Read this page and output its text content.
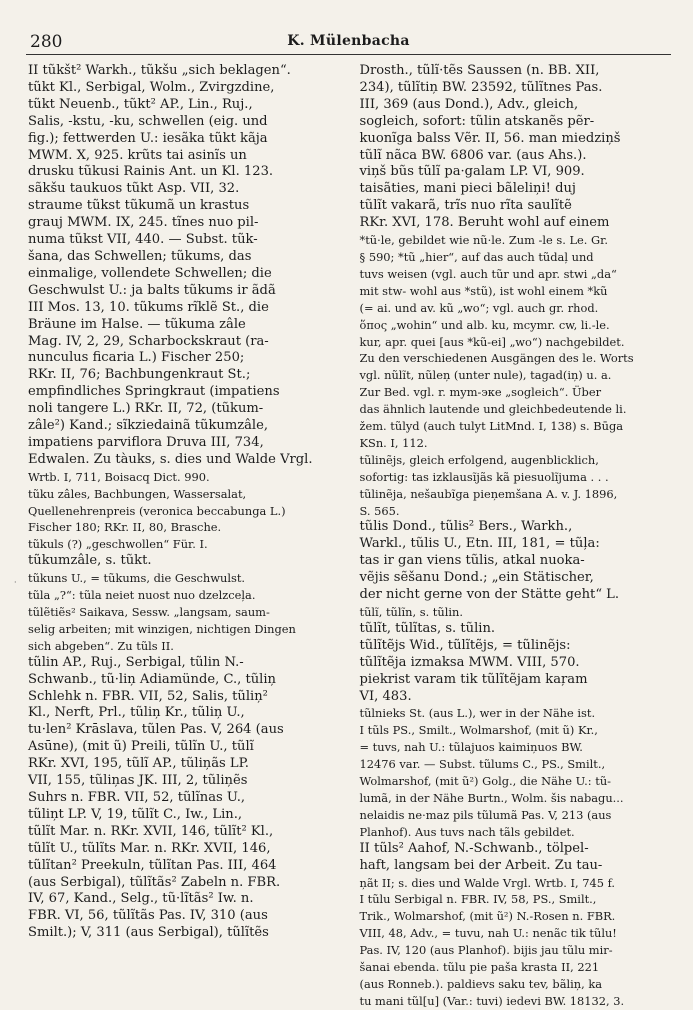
280	K. Mülenbacha
·
II tũkšt² Warkh., tũkšu „sich beklagen“.
tũkt Kl., Serbigal, Wolm., Zvirgzdine,
tũkt Neuenb., tũkt² AP., Lin., Ruj.,
Salis, -kstu, -ku, schwellen (eig. und
fig.); fettwerden U.: iesãka tũkt kãja
MWM. X, 925. krũts tai asinĩs un
drusku tũkusi Rainis Ant. un Kl. 123.
sãkšu taukuos tũkt Asp. VII, 32.
straume tũkst tũkumã un krastus
grauj MWM. IX, 245. tĩnes nuo pil-
numa tũkst VII, 440. — Subst. tũk-
šana, das Schwellen; tũkums, das
einmalige, vollendete Schwellen; die
Geschwulst U.: ja balts tũkums ir ãdã
III Mos. 13, 10. tũkums rĩklẽ St., die
Bräune im Halse. — tũkuma zâle
Mag. IV, 2, 29, Scharbockskraut (ra-
nunculus ficaria L.) Fischer 250;
RKr. II, 76; Bachbungenkraut St.;
empfindliches Springkraut (impatiens
noli tangere L.) RKr. II, 72, (tũkum-
zâle²) Kand.; sĩkziedainã tũkumzâle,
impatiens parviflora Druva III, 734,
Edwalen. Zu tàuks, s. dies und Walde Vrgl.
Wrtb. I, 711, Boisacq Dict. 990.
tũku zâles, Bachbungen, Wassersalat,
Quellenehrenpreis (veronica beccabunga L.)
Fischer 180; RKr. II, 80, Brasche.
tũkuls (?) „geschwollen“ Für. I.
tũkumzâle, s. tũkt.
tũkuns U., = tũkums, die Geschwulst.
tũla „?“: tũla neiet nuost nuo dzelzceļa.
tũlẽtiẽs² Saikava, Sessw. „langsam, saum-
selig arbeiten; mit winzigen, nichtigen Dingen
sich abgeben“. Zu tũls II.
tũlin AP., Ruj., Serbigal, tũlin N.-
Schwanb., tũ·liņ Adiamünde, C., tũliņ
Schlehk n. FBR. VII, 52, Salis, tũliņ²
Kl., Nerft, Prl., tũliņ Kr., tũliņ U.,
tu·len² Krāslava, tũlen Pas. V, 264 (aus
Asūne), (mit ũ) Preili, tũlĩn U., tũlĩ
RKr. XVI, 195, tũlĩ AP., tũliņãs LP.
VII, 155, tũliņas JK. III, 2, tũliņẽs
Suhrs n. FBR. VII, 52, tũlĩnas U.,
tũliņt LP. V, 19, tũlĩt C., Iw., Lin.,
tũlĩt Mar. n. RKr. XVII, 146, tũlĩt² Kl.,
tũlĩt U., tũlĩts Mar. n. RKr. XVII, 146,
tũlĩtan² Preekuln, tũlĩtan Pas. III, 464
(aus Serbigal), tũlĩtãs² Zabeln n. FBR.
IV, 67, Kand., Selg., tũ·lĩtãs² Iw. n.
FBR. VI, 56, tũlĩtãs Pas. IV, 310 (aus
Smilt.); V, 311 (aus Serbigal), tũlĩtẽs
Drosth., tũlĩ·tẽs Saussen (n. BB. XII,
234), tũlĩtiņ BW. 23592, tũlĩtnes Pas.
III, 369 (aus Dond.), Adv., gleich,
sogleich, sofort: tũlin atskanẽs pẽr-
kuonĩga balss Vẽr. II, 56. man miedziņš
tũlĩ nãca BW. 6806 var. (aus Ahs.).
viņš bũs tũlĩ pa·galam LP. VI, 909.
taisãties, mani pieci bãleliņi! duj
tũlĩt vakarã, trĩs nuo rĩta saulĩtẽ
RKr. XVI, 178. Beruht wohl auf einem
*tũ·le, gebildet wie nũ·le. Zum -le s. Le. Gr.
§ 590; *tũ „hier“, auf das auch tũdaļ und
tuvs weisen (vgl. auch tũr und apr. stwi „da“
mit stw- wohl aus *stũ), ist wohl einem *kũ
(= ai. und av. kũ „wo“; vgl. auch gr. rhod.
ὅπος „wohin“ und alb. ku, mcymr. cw, li.-le.
kur, apr. quei [aus *kũ-ei] „wo“) nachgebildet.
Zu den verschiedenen Ausgängen des le. Worts
vgl. nũlĩt, nũleņ (unter nule), tagad(iņ) u. a.
Zur Bed. vgl. r. mym-эке „sogleich“. Über
das ähnlich lautende und gleichbedeutende li.
žem. tũlyd (auch tulyt LitMnd. I, 138) s. Būga
KSn. I, 112.
tũlinẽjs, gleich erfolgend, augenblicklich,
sofortig: tas izklausĩjãs kã piesuolĩjuma . . .
tũlinẽja, nešaubĩga pieņemšana A. v. J. 1896,
S. 565.
tũlis Dond., tũlis² Bers., Warkh.,
Warkl., tũlis U., Etn. III, 181, = tũļa:
tas ir gan viens tũlis, atkal nuoka-
vẽjis sẽšanu Dond.; „ein Stätischer,
der nicht gerne von der Stätte geht“ L.
tũlĩ, tũlĩn, s. tũlin.
tũlĩt, tũlĩtas, s. tũlin.
tũlĩtẽjs Wid., tũlĩtẽjs, = tũlinẽjs:
tũlĩtẽja izmaksa MWM. VIII, 570.
piekrist varam tik tũlĩtẽjam kaŗam
VI, 483.
tũlnieks St. (aus L.), wer in der Nähe ist.
I tũls PS., Smilt., Wolmarshof, (mit ũ) Kr.,
= tuvs, nah U.: tũlajuos kaimiņuos BW.
12476 var. — Subst. tũlums C., PS., Smilt.,
Wolmarshof, (mit ũ²) Golg., die Nähe U.: tũ-
lumã, in der Nähe Burtn., Wolm. šis nabagu...
nelaidis ne·maz pils tũlumã Pas. V, 213 (aus
Planhof). Aus tuvs nach tãls gebildet.
II tũls² Aahof, N.-Schwanb., tölpel-
haft, langsam bei der Arbeit. Zu tau-
ņãt II; s. dies und Walde Vrgl. Wrtb. I, 745 f.
I tũlu Serbigal n. FBR. IV, 58, PS., Smilt.,
Trik., Wolmarshof, (mit ũ²) N.-Rosen n. FBR.
VIII, 48, Adv., = tuvu, nah U.: nenãc tik tũlu!
Pas. IV, 120 (aus Planhof). bijis jau tũlu mir-
šanai ebenda. tũlu pie paša krasta II, 221
(aus Ronneb.). paldievs saku tev, bãliņ, ka
tu mani tũl[u] (Var.: tuvi) iedevi BW. 18132, 3.
